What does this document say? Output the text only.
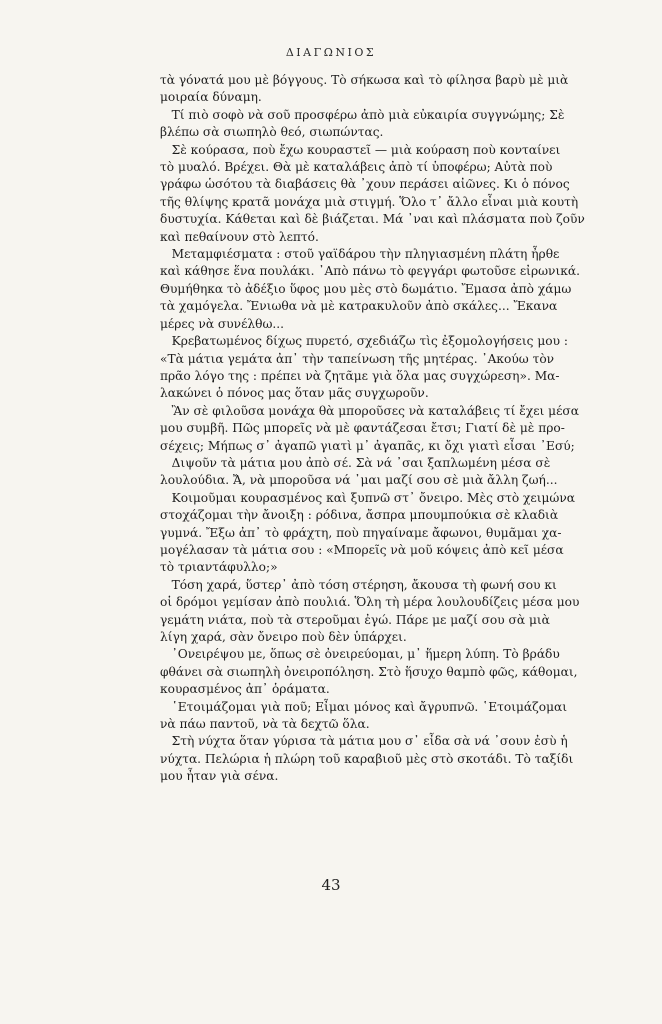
ΔΙΑΓΩΝΙΟΣ
τὰ γόνατά μου μὲ βόγγους. Τὸ σήκωσα καὶ τὸ φίλησα βαρὺ μὲ μιὰ
μοιραία δύναμη.
Τί πιὸ σοφὸ νὰ σοῦ προσφέρω ἀπὸ μιὰ εὐκαιρία συγγνώμης; Σὲ
βλέπω σὰ σιωπηλὸ θεό, σιωπώντας.
Σὲ κούρασα, ποὺ ἔχω κουραστεῖ — μιὰ κούραση ποὺ κονταίνει
τὸ μυαλό. Βρέχει. Θὰ μὲ καταλάβεις ἀπὸ τί ὑποφέρω; Αὐτὰ ποὺ
γράφω ὡσότου τὰ διαβάσεις θὰ ᾽χουν περάσει αἰῶνες. Κι ὁ πόνος
τῆς θλίψης κρατᾶ μονάχα μιὰ στιγμή. Ὅλο τ᾽ ἄλλο εἶναι μιὰ κουτὴ
δυστυχία. Κάθεται καὶ δὲ βιάζεται. Μά ᾽ναι καὶ πλάσματα ποὺ ζοῦν
καὶ πεθαίνουν στὸ λεπτό.
Μεταμφιέσματα : στοῦ γαϊδάρου τὴν πληγιασμένη πλάτη ἦρθε
καὶ κάθησε ἕνα πουλάκι. ᾽Απὸ πάνω τὸ φεγγάρι φωτοῦσε εἰρωνικά.
Θυμήθηκα τὸ ἀδέξιο ὕφος μου μὲς στὸ δωμάτιο. Ἔμασα ἀπὸ χάμω
τὰ χαμόγελα. Ἔνιωθα νὰ μὲ κατρακυλοῦν ἀπὸ σκάλες... Ἔκανα
μέρες νὰ συνέλθω...
Κρεβατωμένος δίχως πυρετό, σχεδιάζω τὶς ἐξομολογήσεις μου :
«Τὰ μάτια γεμάτα ἀπ᾽ τὴν ταπείνωση τῆς μητέρας. ᾽Ακούω τὸν
πρᾶο λόγο της : πρέπει νὰ ζητᾶμε γιὰ ὅλα μας συγχώρεση». Μα-
λακώνει ὁ πόνος μας ὅταν μᾶς συγχωροῦν.
Ἂν σὲ φιλοῦσα μονάχα θὰ μποροῦσες νὰ καταλάβεις τί ἔχει μέσα
μου συμβῆ. Πῶς μπορεῖς νὰ μὲ φαντάζεσαι ἔτσι; Γιατί δὲ μὲ προ-
σέχεις; Μήπως σ᾽ ἀγαπῶ γιατὶ μ᾽ ἀγαπᾶς, κι ὄχι γιατὶ εἶσαι ᾽Εσύ;
Διψοῦν τὰ μάτια μου ἀπὸ σέ. Σὰ νά ᾽σαι ξαπλωμένη μέσα σὲ
λουλούδια. Ἄ, νὰ μποροῦσα νά ᾽μαι μαζί σου σὲ μιὰ ἄλλη ζωή...
Κοιμοῦμαι κουρασμένος καὶ ξυπνῶ στ᾽ ὄνειρο. Μὲς στὸ χειμώνα
στοχάζομαι τὴν ἄνοιξη : ρόδινα, ἄσπρα μπουμπούκια σὲ κλαδιὰ
γυμνά. Ἔξω ἀπ᾽ τὸ φράχτη, ποὺ πηγαίναμε ἄφωνοι, θυμᾶμαι χα-
μογέλασαν τὰ μάτια σου : «Μπορεῖς νὰ μοῦ κόψεις ἀπὸ κεῖ μέσα
τὸ τριαντάφυλλο;»
Τόση χαρά, ὕστερ᾽ ἀπὸ τόση στέρηση, ἄκουσα τὴ φωνή σου κι
οἱ δρόμοι γεμίσαν ἀπὸ πουλιά. Ὅλη τὴ μέρα λουλουδίζεις μέσα μου
γεμάτη νιάτα, ποὺ τὰ στεροῦμαι ἐγώ. Πάρε με μαζί σου σὰ μιὰ
λίγη χαρά, σὰν ὄνειρο ποὺ δὲν ὑπάρχει.
᾽Ονειρέψου με, ὅπως σὲ ὀνειρεύομαι, μ᾽ ἥμερη λύπη. Τὸ βράδυ
φθάνει σὰ σιωπηλὴ ὀνειροπόληση. Στὸ ἥσυχο θαμπὸ φῶς, κάθομαι,
κουρασμένος ἀπ᾽ ὁράματα.
῾Ετοιμάζομαι γιὰ ποῦ; Εἶμαι μόνος καὶ ἄγρυπνῶ. ῾Ετοιμάζομαι
νὰ πάω παντοῦ, νὰ τὰ δεχτῶ ὅλα.
Στὴ νύχτα ὅταν γύρισα τὰ μάτια μου σ᾽ εἶδα σὰ νά ᾽σουν ἐσὺ ἡ
νύχτα. Πελώρια ἡ πλώρη τοῦ καραβιοῦ μὲς στὸ σκοτάδι. Τὸ ταξίδι
μου ἦταν γιὰ σένα.
43
